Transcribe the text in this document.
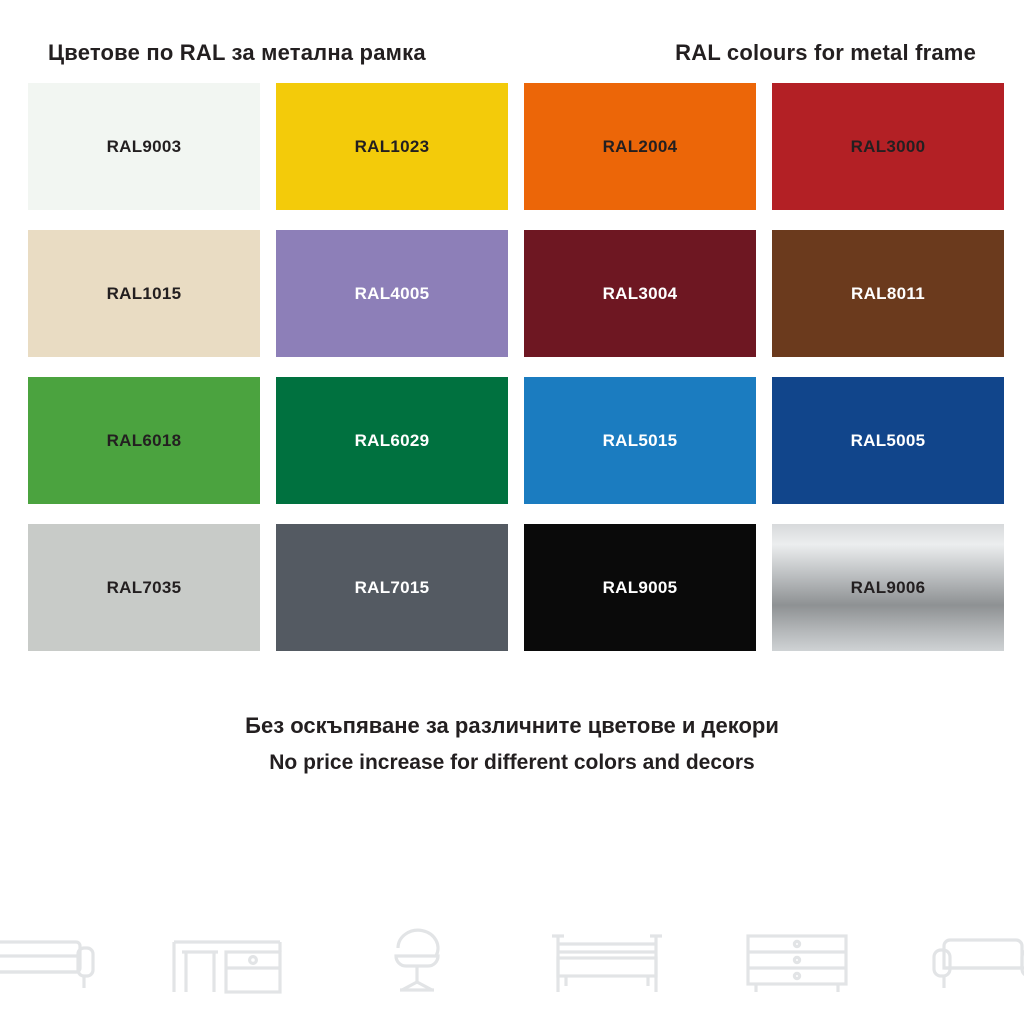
Цветове по RAL за метална рамка	RAL colours for metal frame
RAL9003	RAL1023	RAL2004	RAL3000
RAL1015	RAL4005	RAL3004	RAL8011
RAL6018	RAL6029	RAL5015	RAL5005
RAL7035	RAL7015	RAL9005	RAL9006
Без оскъпяване за различните цветове и декори
No price increase for different colors and decors
